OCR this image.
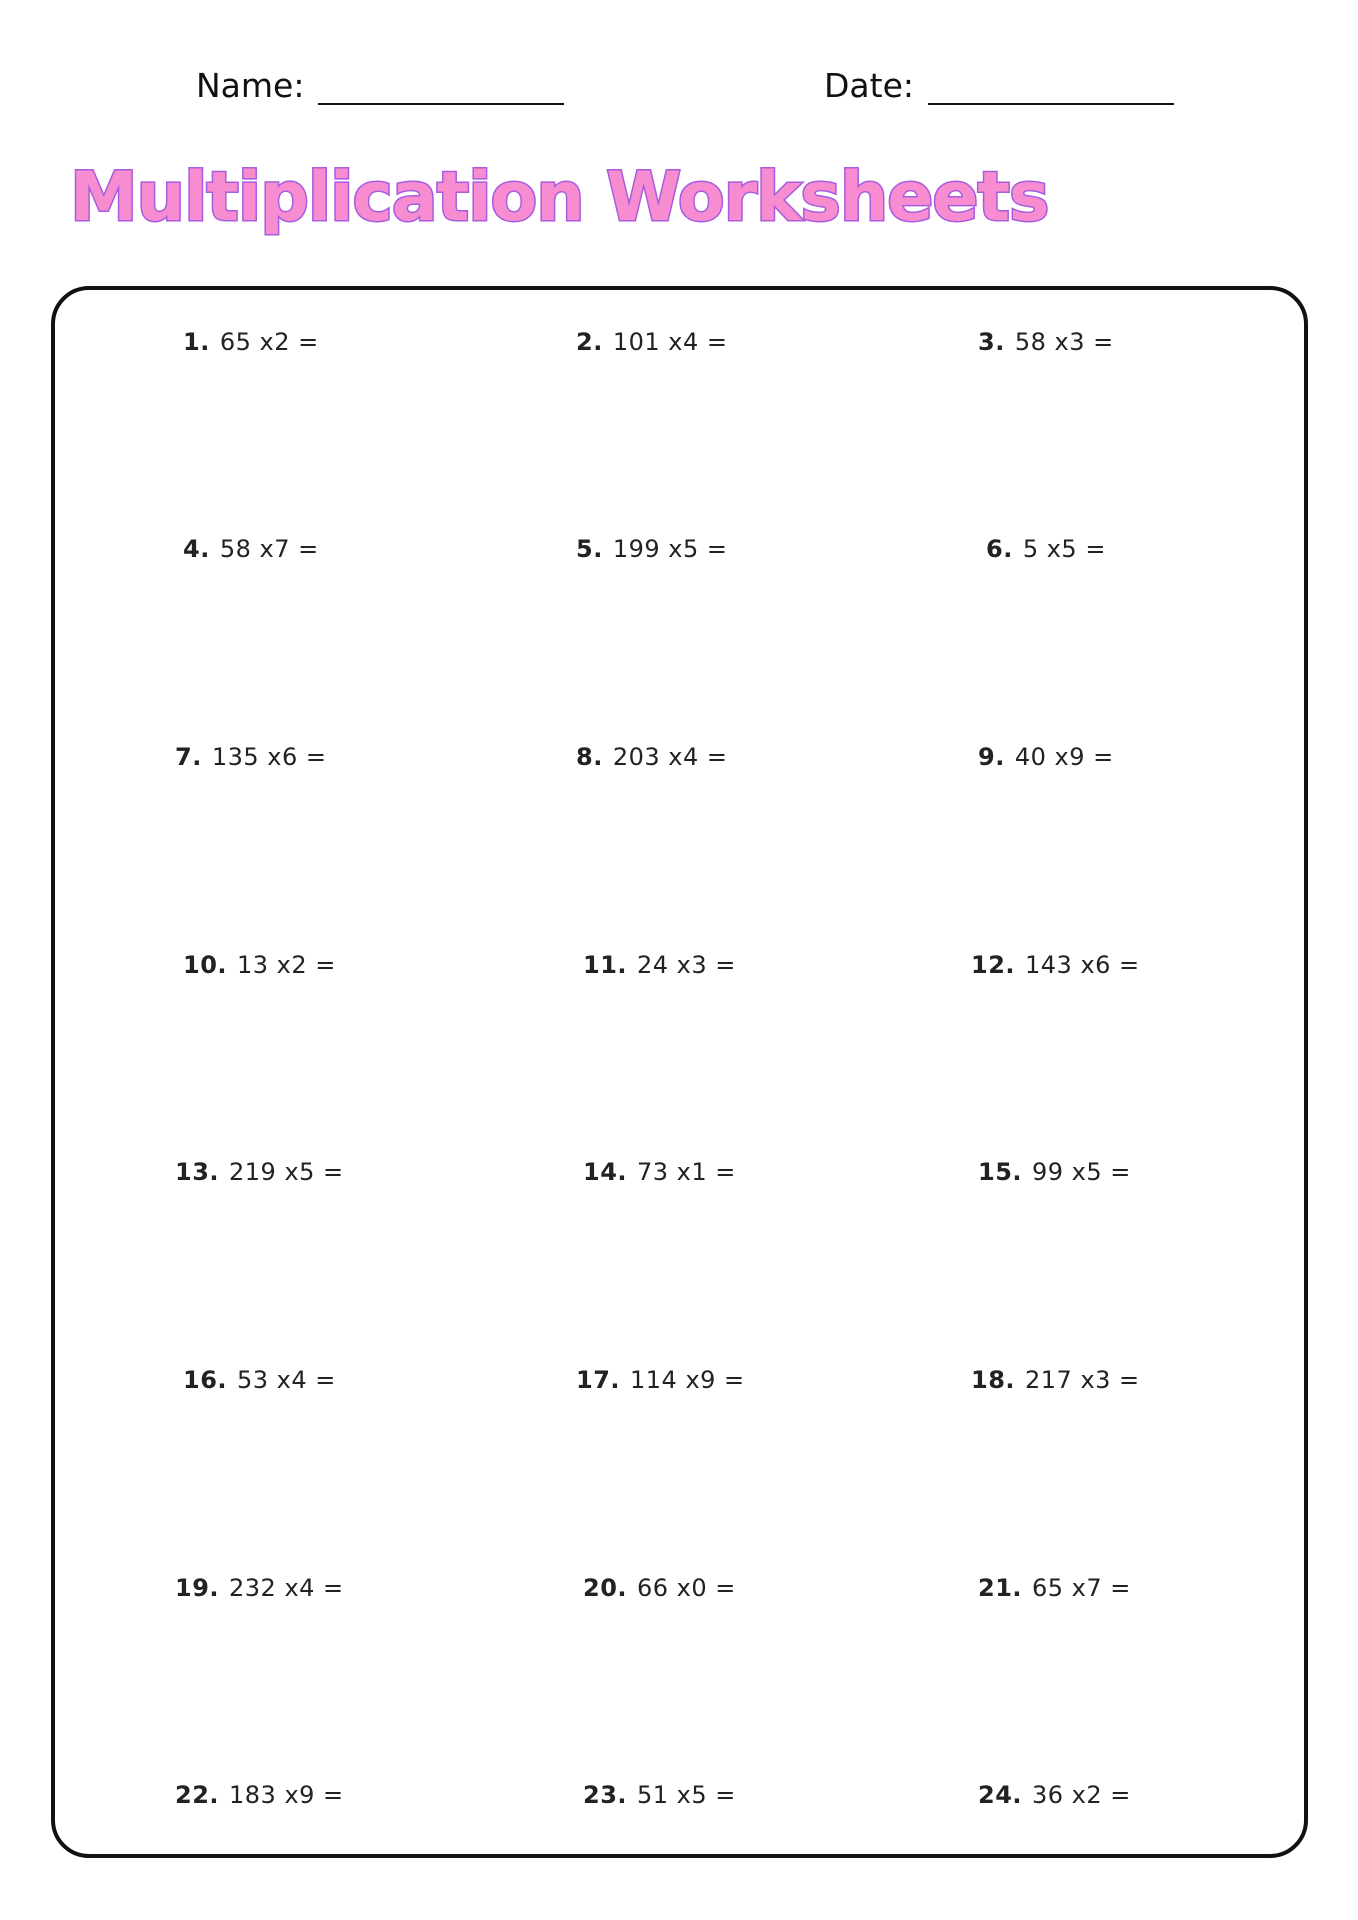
Name:	Date:
Multiplication Worksheets
1. 65 x2 =	2. 101 x4 =	3. 58 x3 =
4. 58 x7 =	5. 199 x5 =	6. 5 x5 =
7. 135 x6 =	8. 203 x4 =	9. 40 x9 =
10. 13 x2 =	11. 24 x3 =	12. 143 x6 =
13. 219 x5 =	14. 73 x1 =	15. 99 x5 =
16. 53 x4 =	17. 114 x9 =	18. 217 x3 =
19. 232 x4 =	20. 66 x0 =	21. 65 x7 =
22. 183 x9 =	23. 51 x5 =	24. 36 x2 =
